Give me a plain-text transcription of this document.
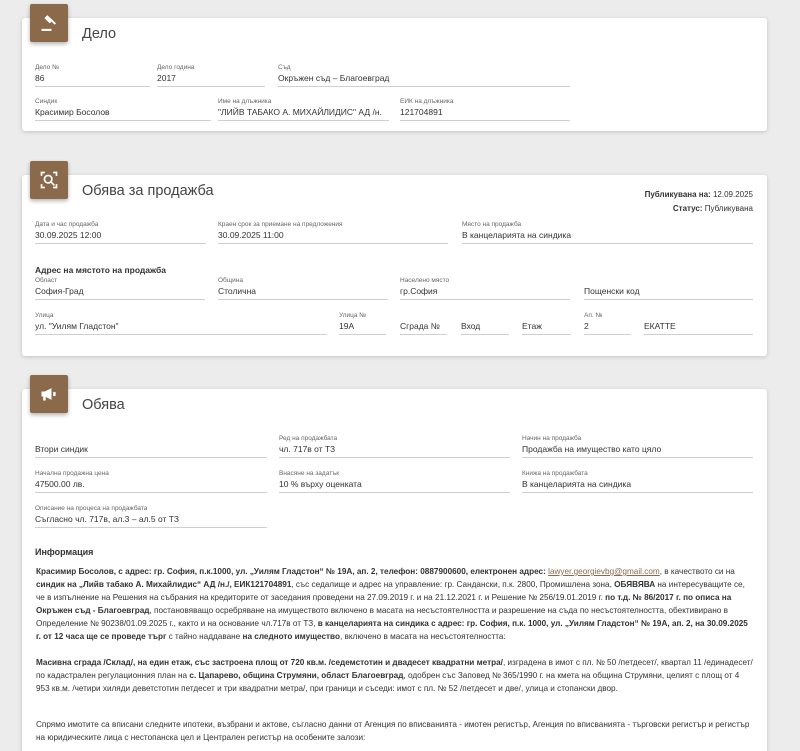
Дело
Дело №
86
Дело година
2017
Съд
Окръжен съд – Благоевград
Синдик
Красимир Босолов
Име на длъжника
"ЛИЙВ ТАБАКО А. МИХАЙЛИДИС" АД /н.
ЕИК на длъжника
121704891
Обява за продажба	Публикувана на: 12.09.2025
Статус: Публикувана
Дата и час продажба
30.09.2025 12:00
Краен срок за приемане на предложения
30.09.2025 11:00
Място на продажба
В канцеларията на синдика
Адрес на мястото на продажба
Област
София-Град
Община
Столична
Населено място
гр.София	Пощенски код
Улица
ул. "Уилям Гладстон"
Улица №
19А	Сграда №	Вход	Етаж
Ап. №
2	ЕКАТТЕ
Обява
Втори синдик
Ред на продажбата
чл. 717в от ТЗ
Начин на продажба
Продажба на имущество като цяло
Начална продажна цена
47500.00 лв.
Внасяне на задатък
10 % върху оценката
Книжа на продажбата
В канцеларията на синдика
Описание на процеса на продажбата
Съгласно чл. 717в, ал.3 – ал.5 от ТЗ
Информация
Красимир Босолов, с адрес: гр. София, п.к.1000, ул. „Уилям Гладстон“ № 19А, ап. 2, телефон: 0887900600, електронен адрес: lawyer.georgievbg@gmail.com, в качеството си на синдик на „Лийв табако А. Михайлидис“ АД /н./, ЕИК121704891, със седалище и адрес на управление: гр. Сандански, п.к. 2800, Промишлена зона, ОБЯВЯВА на интересуващите се, че в изпълнение на Решения на събрания на кредиторите от заседания проведени на 27.09.2019 г. и на 21.12.2021 г. и Решение № 256/19.01.2019 г. по т.д. № 86/2017 г. по описа на Окръжен съд - Благоевград, постановяващо осребряване на имуществото включено в масата на несъстоятелността и разрешение на съда по несъстоятелността, обективирано в Определение № 90238/01.09.2025 г., както и на основание чл.717в от ТЗ, в канцеларията на синдика с адрес: гр. София, п.к. 1000, ул. „Уилям Гладстон“ № 19А, ап. 2, на 30.09.2025 г. от 12 часа ще се проведе търг с тайно наддаване на следното имущество, включено в масата на несъстоятелността:
Масивна сграда /Склад/, на един етаж, със застроена площ от 720 кв.м. /седемстотин и двадесет квадратни метра/, изградена в имот с пл. № 50 /петдесет/, квартал 11 /единадесет/ по кадастрален регулационния план на с. Цапарево, община Струмяни, област Благоевград, одобрен със Заповед № 365/1990 г. на кмета на община Струмяни, целият с площ от 4 953 кв.м. /четири хиляди деветстотин петдесет и три квадратни метра/, при граници и съседи: имот с пл. № 52 /петдесет и две/, улица и стопански двор.
Спрямо имотите са вписани следните ипотеки, възбрани и актове, съгласно данни от Агенция по вписванията - имотен регистър, Агенция по вписванията - търговски регистър и регистър на юридическите лица с нестопанска цел и Централен регистър на особените залози:
